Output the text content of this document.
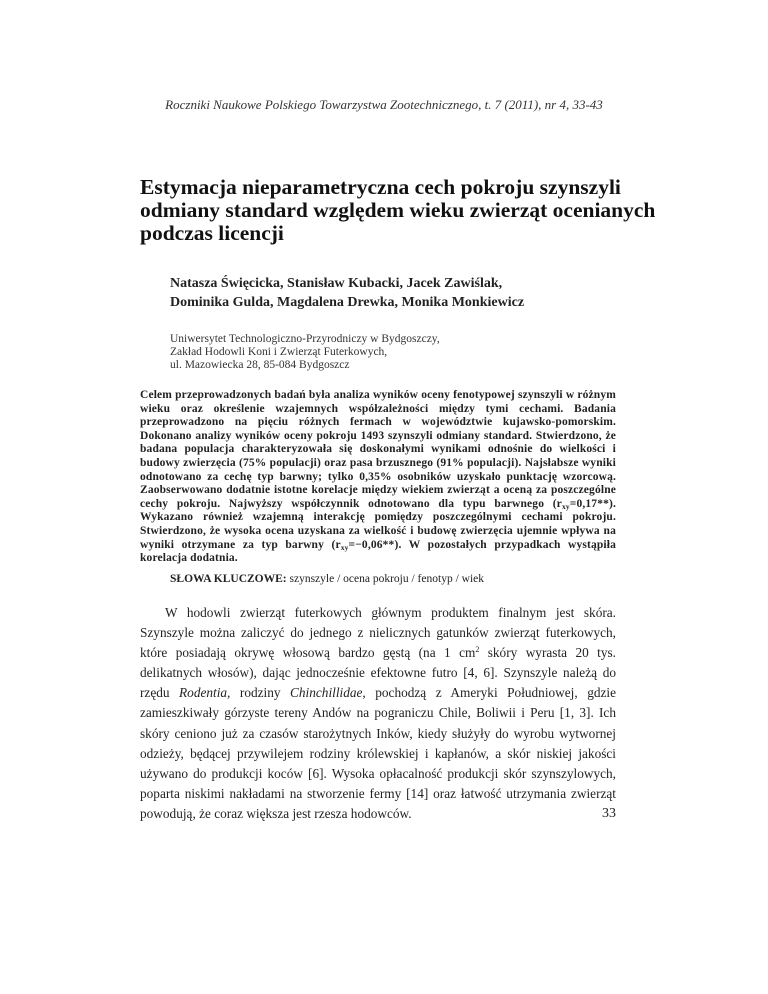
Roczniki Naukowe Polskiego Towarzystwa Zootechnicznego, t. 7 (2011), nr 4, 33-43
Estymacja nieparametryczna cech pokroju szynszyli odmiany standard względem wieku zwierząt ocenianych podczas licencji
Natasza Święcicka, Stanisław Kubacki, Jacek Zawiślak,
Dominika Gulda, Magdalena Drewka, Monika Monkiewicz
Uniwersytet Technologiczno-Przyrodniczy w Bydgoszczy,
Zakład Hodowli Koni i Zwierząt Futerkowych,
ul. Mazowiecka 28, 85-084 Bydgoszcz
Celem przeprowadzonych badań była analiza wyników oceny fenotypowej szynszyli w różnym wieku oraz określenie wzajemnych współzależności między tymi cechami. Badania przeprowadzono na pięciu różnych fermach w województwie kujawsko-pomorskim. Dokonano analizy wyników oceny pokroju 1493 szynszyli odmiany standard. Stwierdzono, że badana populacja charakteryzowała się doskonałymi wynikami odnośnie do wielkości i budowy zwierzęcia (75% populacji) oraz pasa brzusznego (91% populacji). Najsłabsze wyniki odnotowano za cechę typ barwny; tylko 0,35% osobników uzyskało punktację wzorcową. Zaobserwowano dodatnie istotne korelacje między wiekiem zwierząt a oceną za poszczególne cechy pokroju. Najwyższy współczynnik odnotowano dla typu barwnego $(r_{xy}=0,17**)$. Wykazano również wzajemną interakcję pomiędzy poszczególnymi cechami pokroju. Stwierdzono, że wysoka ocena uzyskana za wielkość i budowę zwierzęcia ujemnie wpływa na wyniki otrzymane za typ barwny $(r_{xy}=-0,06**)$. W pozostałych przypadkach wystąpiła korelacja dodatnia.
SŁOWA KLUCZOWE: szynszyle / ocena pokroju / fenotyp / wiek

W hodowli zwierząt futerkowych głównym produktem finalnym jest skóra. Szynszyle można zaliczyć do jednego z nielicznych gatunków zwierząt futerkowych, które posiadają okrywę włosową bardzo gęstą (na 1 $cm^2$ skóry wyrasta 20 tys. delikatnych włosów), dając jednocześnie efektowne futro [4, 6]. Szynszyle należą do rzędu Rodentia, rodziny Chinchillidae, pochodzą z Ameryki Południowej, gdzie zamieszkiwały górzyste tereny Andów na pograniczu Chile, Boliwii i Peru [1, 3]. Ich skóry ceniono już za czasów starożytnych Inków, kiedy służyły do wyrobu wytwornej odzieży, będącej przywilejem rodziny królewskiej i kapłanów, a skór niskiej jakości używano do produkcji koców [6]. Wysoka opłacalność produkcji skór szynszylowych, poparta niskimi nakładami na stworzenie fermy [14] oraz łatwość utrzymania zwierząt powodują, że coraz większa jest rzesza hodowców.	33
